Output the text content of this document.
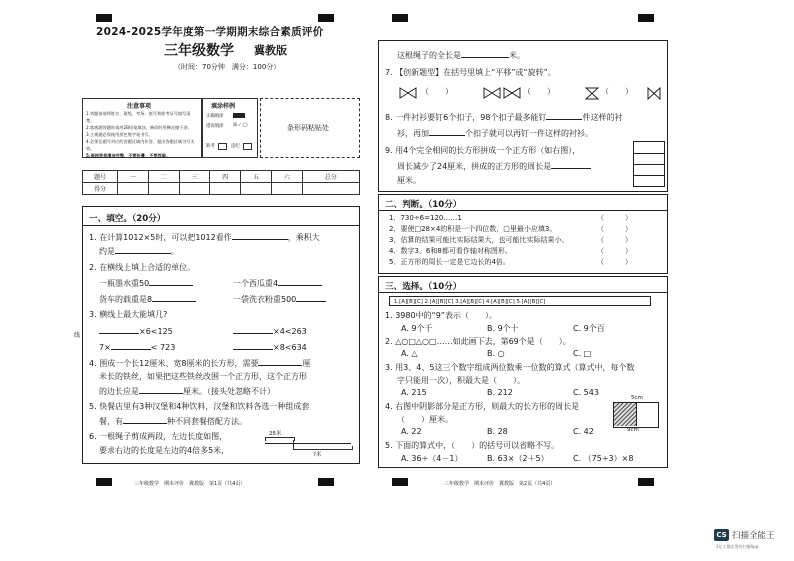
2024-2025学年度第一学期期末综合素质评价
三年级数学 冀教版
（时间：70分钟　满分：100分）
注意事项
1.答题前请将姓名、班级、考场、座号和准考证号填写清楚。
2.客观题答题时请用2B铅笔填涂，修改时用橡皮擦干净。
3.主观题必须使用黑色签字笔书写。
4.必须在题号对应的答题区域内作答，超出答题区域书写无效。
5.保持答卷清洁完整，不要折叠、不要弄破。
填涂样例
正确填涂
错误填涂 ☒✓◯
缺考	违纪
条形码粘贴处
题号	一	二	三	四	五	六	总分
得分							
一、填空。（20分）
1. 在计算1012×5时，可以把1012看作	，乘积大
约是	。
2. 在横线上填上合适的单位。
一瓶墨水重50	一个西瓜重4
货车的载重是8	一袋洗衣粉重500
3. 横线上最大能填几?
×6<125	×4<263
7×	< 723	×8<634
4. 围成一个长12厘米、宽8厘米的长方形，需要	厘
米长的铁丝，如果把这些铁丝改围一个正方形，这个正方形
的边长应是	厘米。（接头处忽略不计）
5. 快餐店里有3种汉堡和4种饮料，汉堡和饮料各选一种组成套
餐，有	种不同套餐搭配方法。
6. 一根绳子剪成两段，左边长度如图，
要求右边的长度是左边的4倍多5米，
25米
?米
线
三年级数学　期末评价　冀教版　第1页（共4页）
这根绳子的全长是	米。
7. 【创新题型】在括号里填上“平移”或“旋转”。
（　　）	（　　）	（　　）
8. 一件衬衫要钉6个扣子，98个扣子最多能钉	件这样的衬
衫，再加	个扣子就可以再钉一件这样的衬衫。
9. 用4个完全相同的长方形拼成一个正方形（如右图），
周长减少了24厘米，拼成的正方形的周长是
厘米。
二、判断。（10分）
1．730÷6=120……1	（　　　）
2．要使□28×4的积是一个四位数，□里最小应填3。	（　　　）
3．估算的结果可能比实际结果大，也可能比实际结果小。	（　　　）
4．数字3、6和8都可看作轴对称图形。	（　　　）
5．正方形的周长一定是它边长的4倍。	（　　　）
三、选择。（10分）
1.[A][B][C] 2.[A][B][C] 3.[A][B][C] 4.[A][B][C] 5.[A][B][C]
1. 3980中的“9”表示（　　）。
A. 9个千	B. 9个十	C. 9个百
2. △○□△○□……如此画下去，第69个是（　　）。
A. △	B. ○	C. □
3. 用3、4、5这三个数字组成两位数乘一位数的算式（算式中，每个数
字只能用一次），积最大是（　　）。
A. 215	B. 212	C. 543
4. 右图中阴影部分是正方形，则最大的长方形的周长是
（　　）厘米。
A. 22	B. 28	C. 42
5cm
9cm
5. 下面的算式中，（　　）的括号可以省略不写。
A. 36÷（4－1）	B. 63×（2＋5）	C. （75÷3）×8
三年级数学　期末评价　冀教版　第2页（共4页）
CS 扫描全能王
3亿人都在用的扫描App
